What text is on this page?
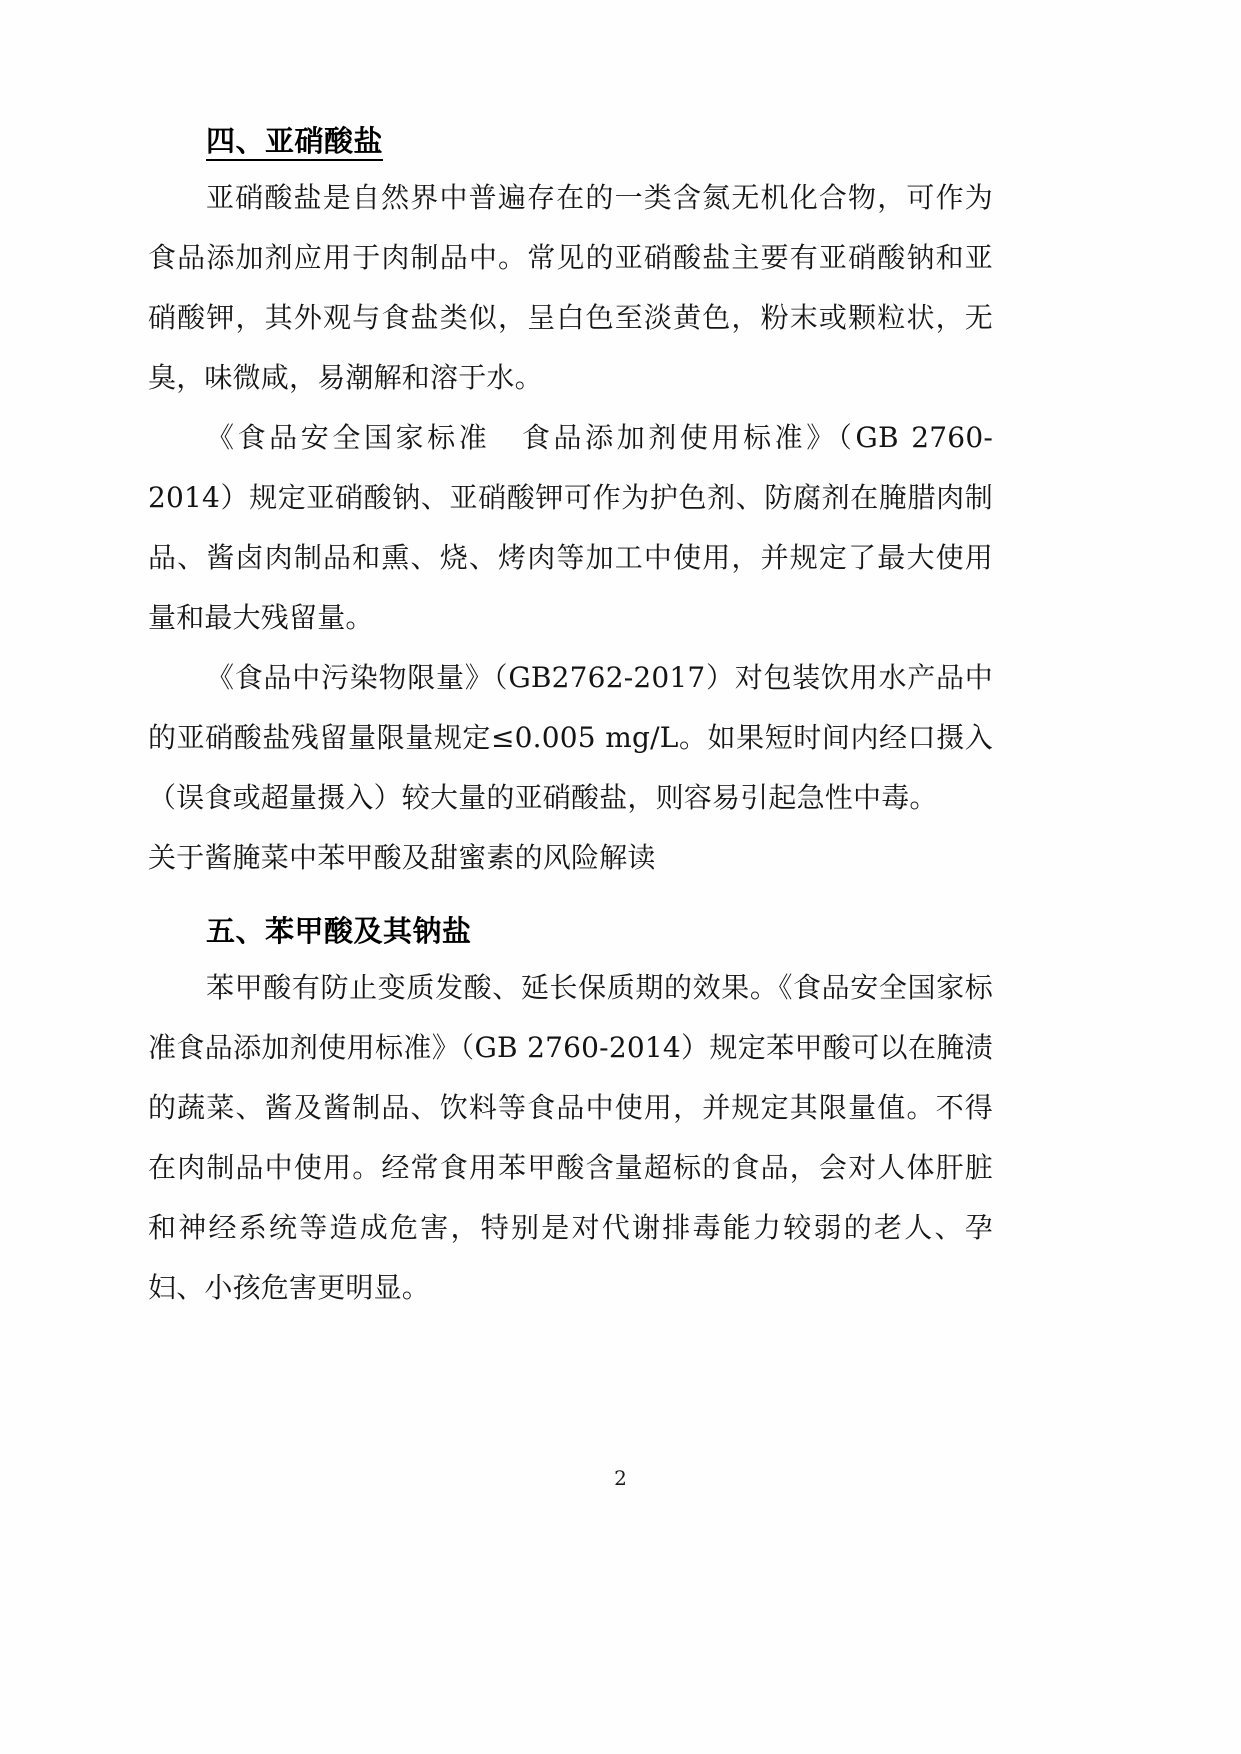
四、亚硝酸盐

亚硝酸盐是自然界中普遍存在的一类含氮无机化合物，可作为食品添加剂应用于肉制品中。常见的亚硝酸盐主要有亚硝酸钠和亚硝酸钾，其外观与食盐类似，呈白色至淡黄色，粉末或颗粒状，无臭，味微咸，易潮解和溶于水。

《食品安全国家标准　食品添加剂使用标准》（GB 2760-2014）规定亚硝酸钠、亚硝酸钾可作为护色剂、防腐剂在腌腊肉制品、酱卤肉制品和熏、烧、烤肉等加工中使用，并规定了最大使用量和最大残留量。

《食品中污染物限量》（GB2762-2017）对包装饮用水产品中的亚硝酸盐残留量限量规定≤0.005 mg/L。如果短时间内经口摄入（误食或超量摄入）较大量的亚硝酸盐，则容易引起急性中毒。

关于酱腌菜中苯甲酸及甜蜜素的风险解读

五、苯甲酸及其钠盐

苯甲酸有防止变质发酸、延长保质期的效果。《食品安全国家标准食品添加剂使用标准》（GB 2760-2014）规定苯甲酸可以在腌渍的蔬菜、酱及酱制品、饮料等食品中使用，并规定其限量值。不得在肉制品中使用。经常食用苯甲酸含量超标的食品，会对人体肝脏和神经系统等造成危害，特别是对代谢排毒能力较弱的老人、孕妇、小孩危害更明显。

2
